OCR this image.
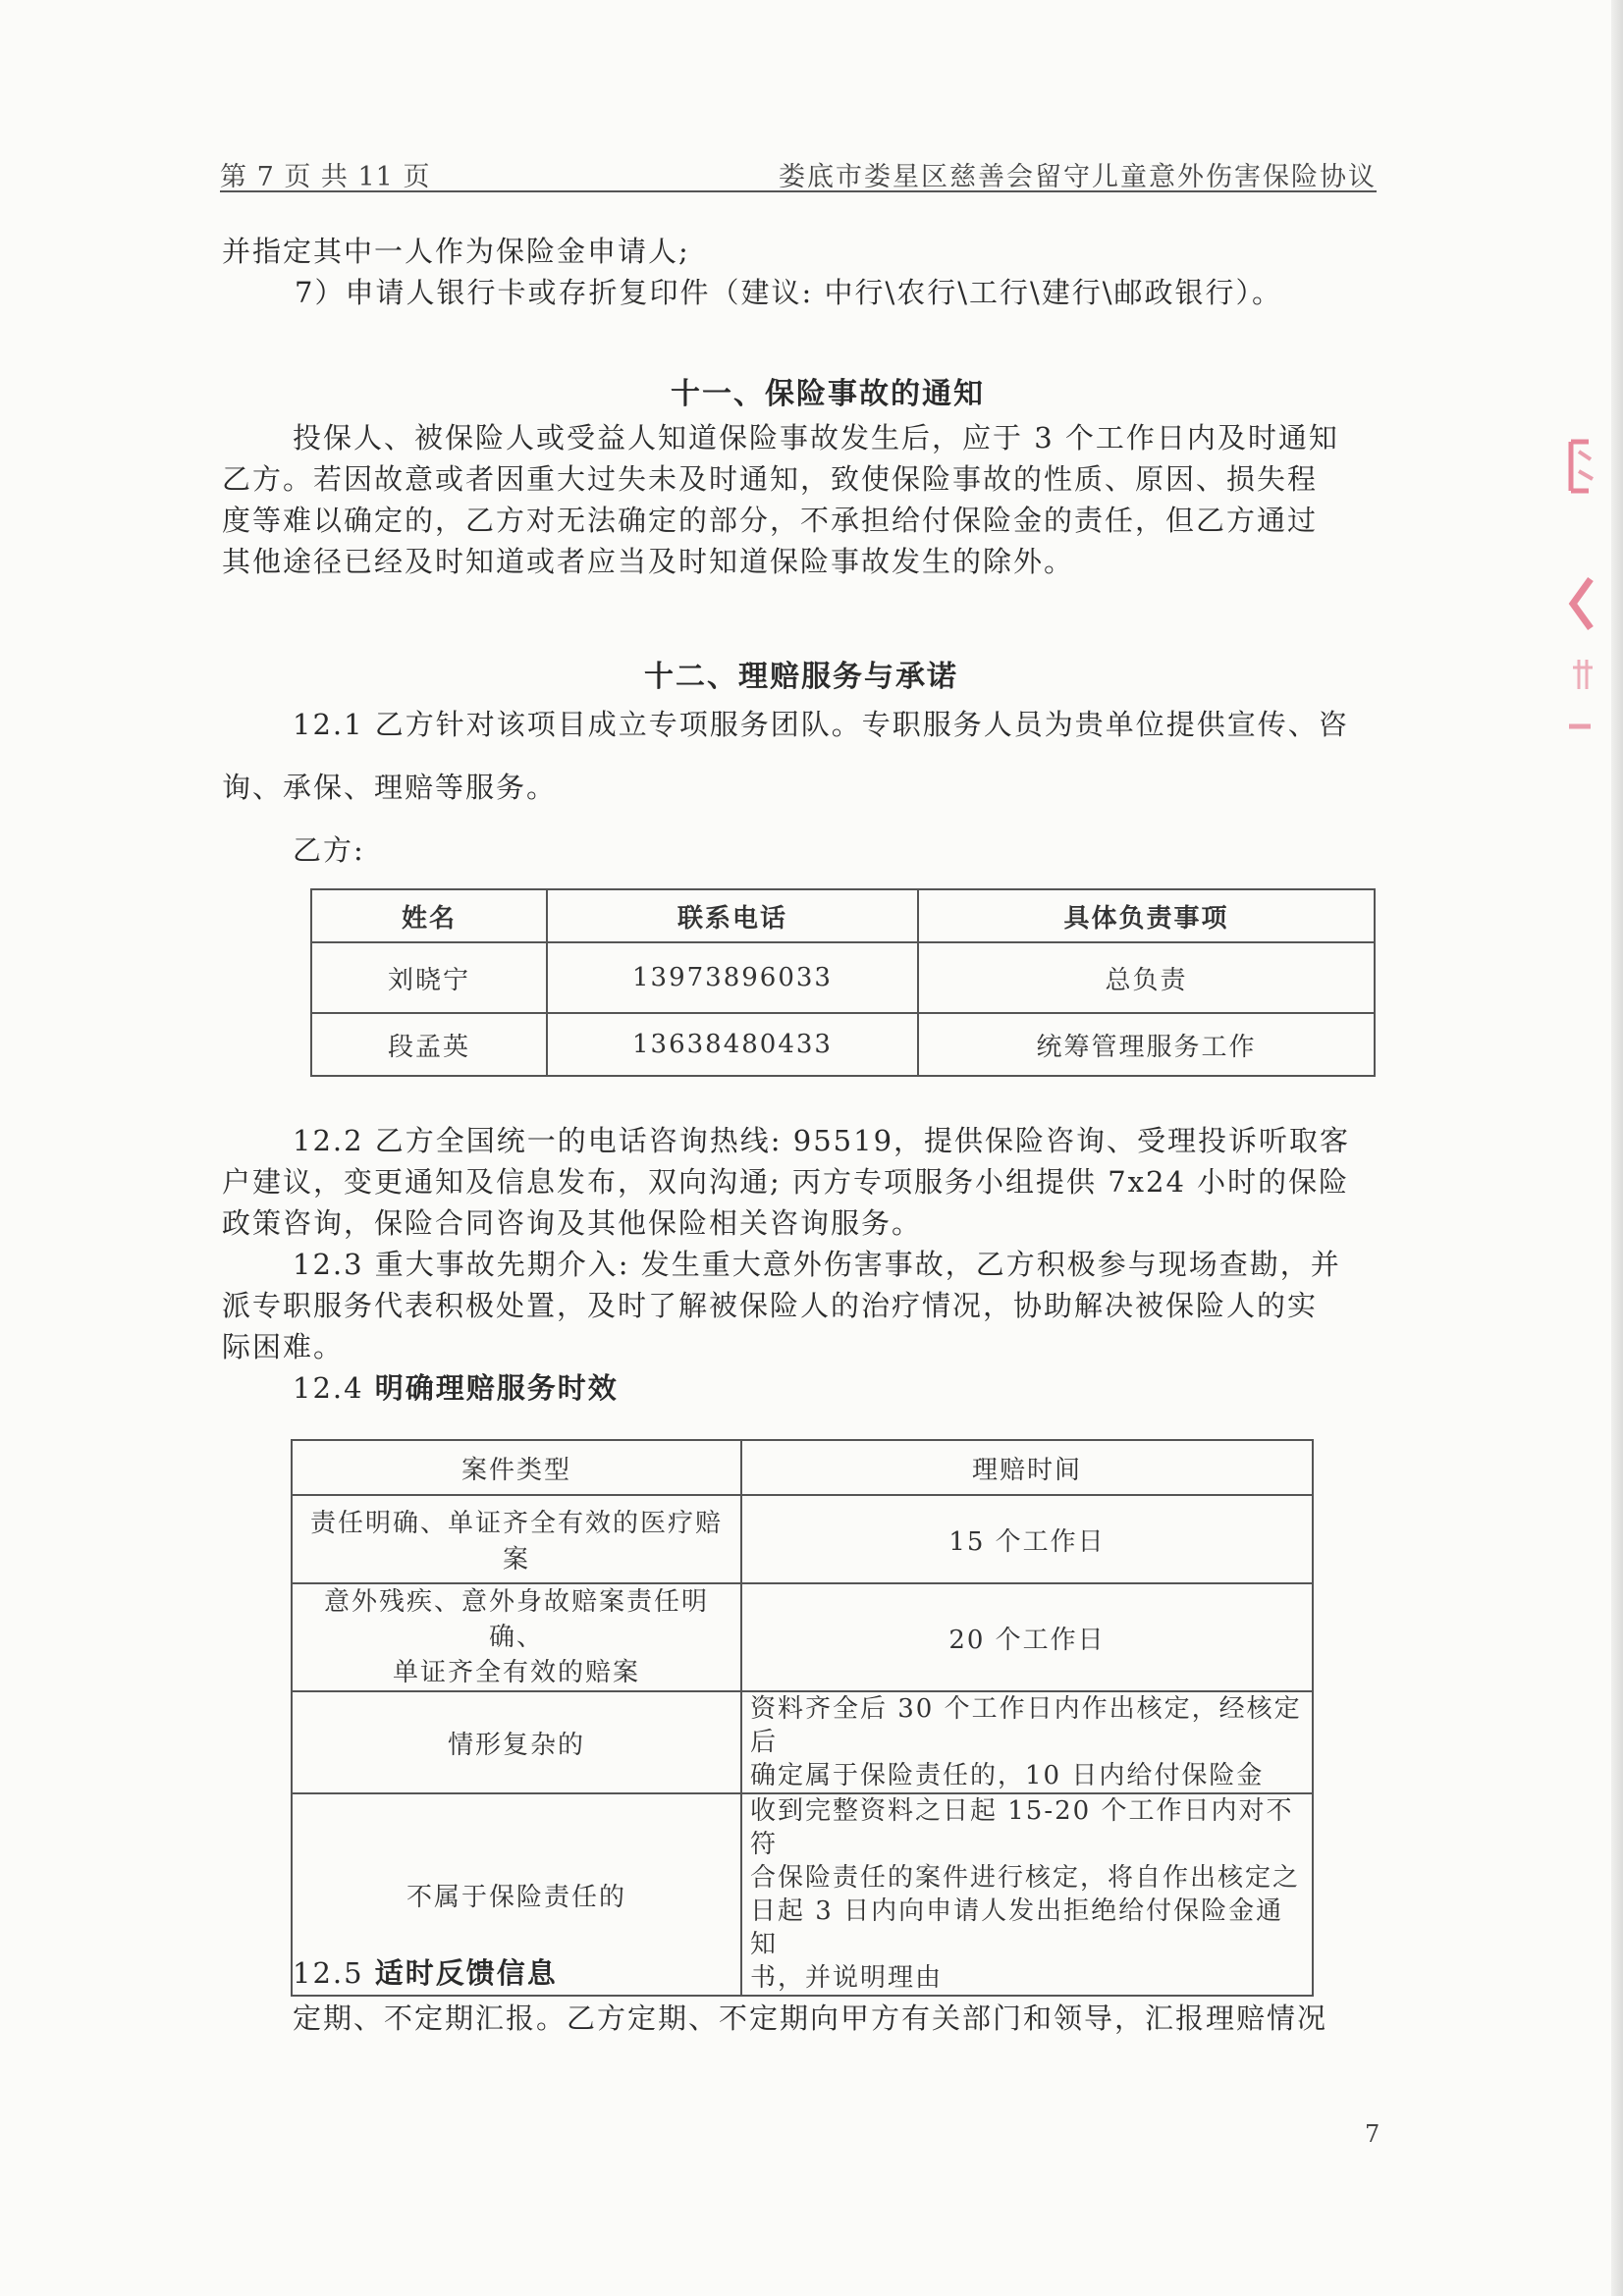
第 7 页 共 11 页	娄底市娄星区慈善会留守儿童意外伤害保险协议
并指定其中一人作为保险金申请人;
7）申请人银行卡或存折复印件（建议: 中行\农行\工行\建行\邮政银行）。
十一、保险事故的通知
投保人、被保险人或受益人知道保险事故发生后，应于 3 个工作日内及时通知
乙方。若因故意或者因重大过失未及时通知，致使保险事故的性质、原因、损失程
度等难以确定的，乙方对无法确定的部分，不承担给付保险金的责任，但乙方通过
其他途径已经及时知道或者应当及时知道保险事故发生的除外。
十二、理赔服务与承诺
12.1 乙方针对该项目成立专项服务团队。专职服务人员为贵单位提供宣传、咨
询、承保、理赔等服务。
乙方:
姓名	联系电话	具体负责事项
刘晓宁	13973896033	总负责
段孟英	13638480433	统筹管理服务工作
12.2 乙方全国统一的电话咨询热线: 95519，提供保险咨询、受理投诉听取客
户建议，变更通知及信息发布，双向沟通; 丙方专项服务小组提供 7x24 小时的保险
政策咨询，保险合同咨询及其他保险相关咨询服务。
12.3 重大事故先期介入: 发生重大意外伤害事故，乙方积极参与现场查勘，并
派专职服务代表积极处置，及时了解被保险人的治疗情况，协助解决被保险人的实
际困难。
12.4 明确理赔服务时效
案件类型	理赔时间
责任明确、单证齐全有效的医疗赔案	15 个工作日

意外残疾、意外身故赔案责任明确、
单证齐全有效的赔案	20 个工作日
情形复杂的	资料齐全后 30 个工作日内作出核定，经核定后
确定属于保险责任的，10 日内给付保险金

不属于保险责任的	收到完整资料之日起 15-20 个工作日内对不符
合保险责任的案件进行核定，将自作出核定之
日起 3 日内向申请人发出拒绝给付保险金通知
书，并说明理由
12.5 适时反馈信息
定期、不定期汇报。乙方定期、不定期向甲方有关部门和领导，汇报理赔情况
7
